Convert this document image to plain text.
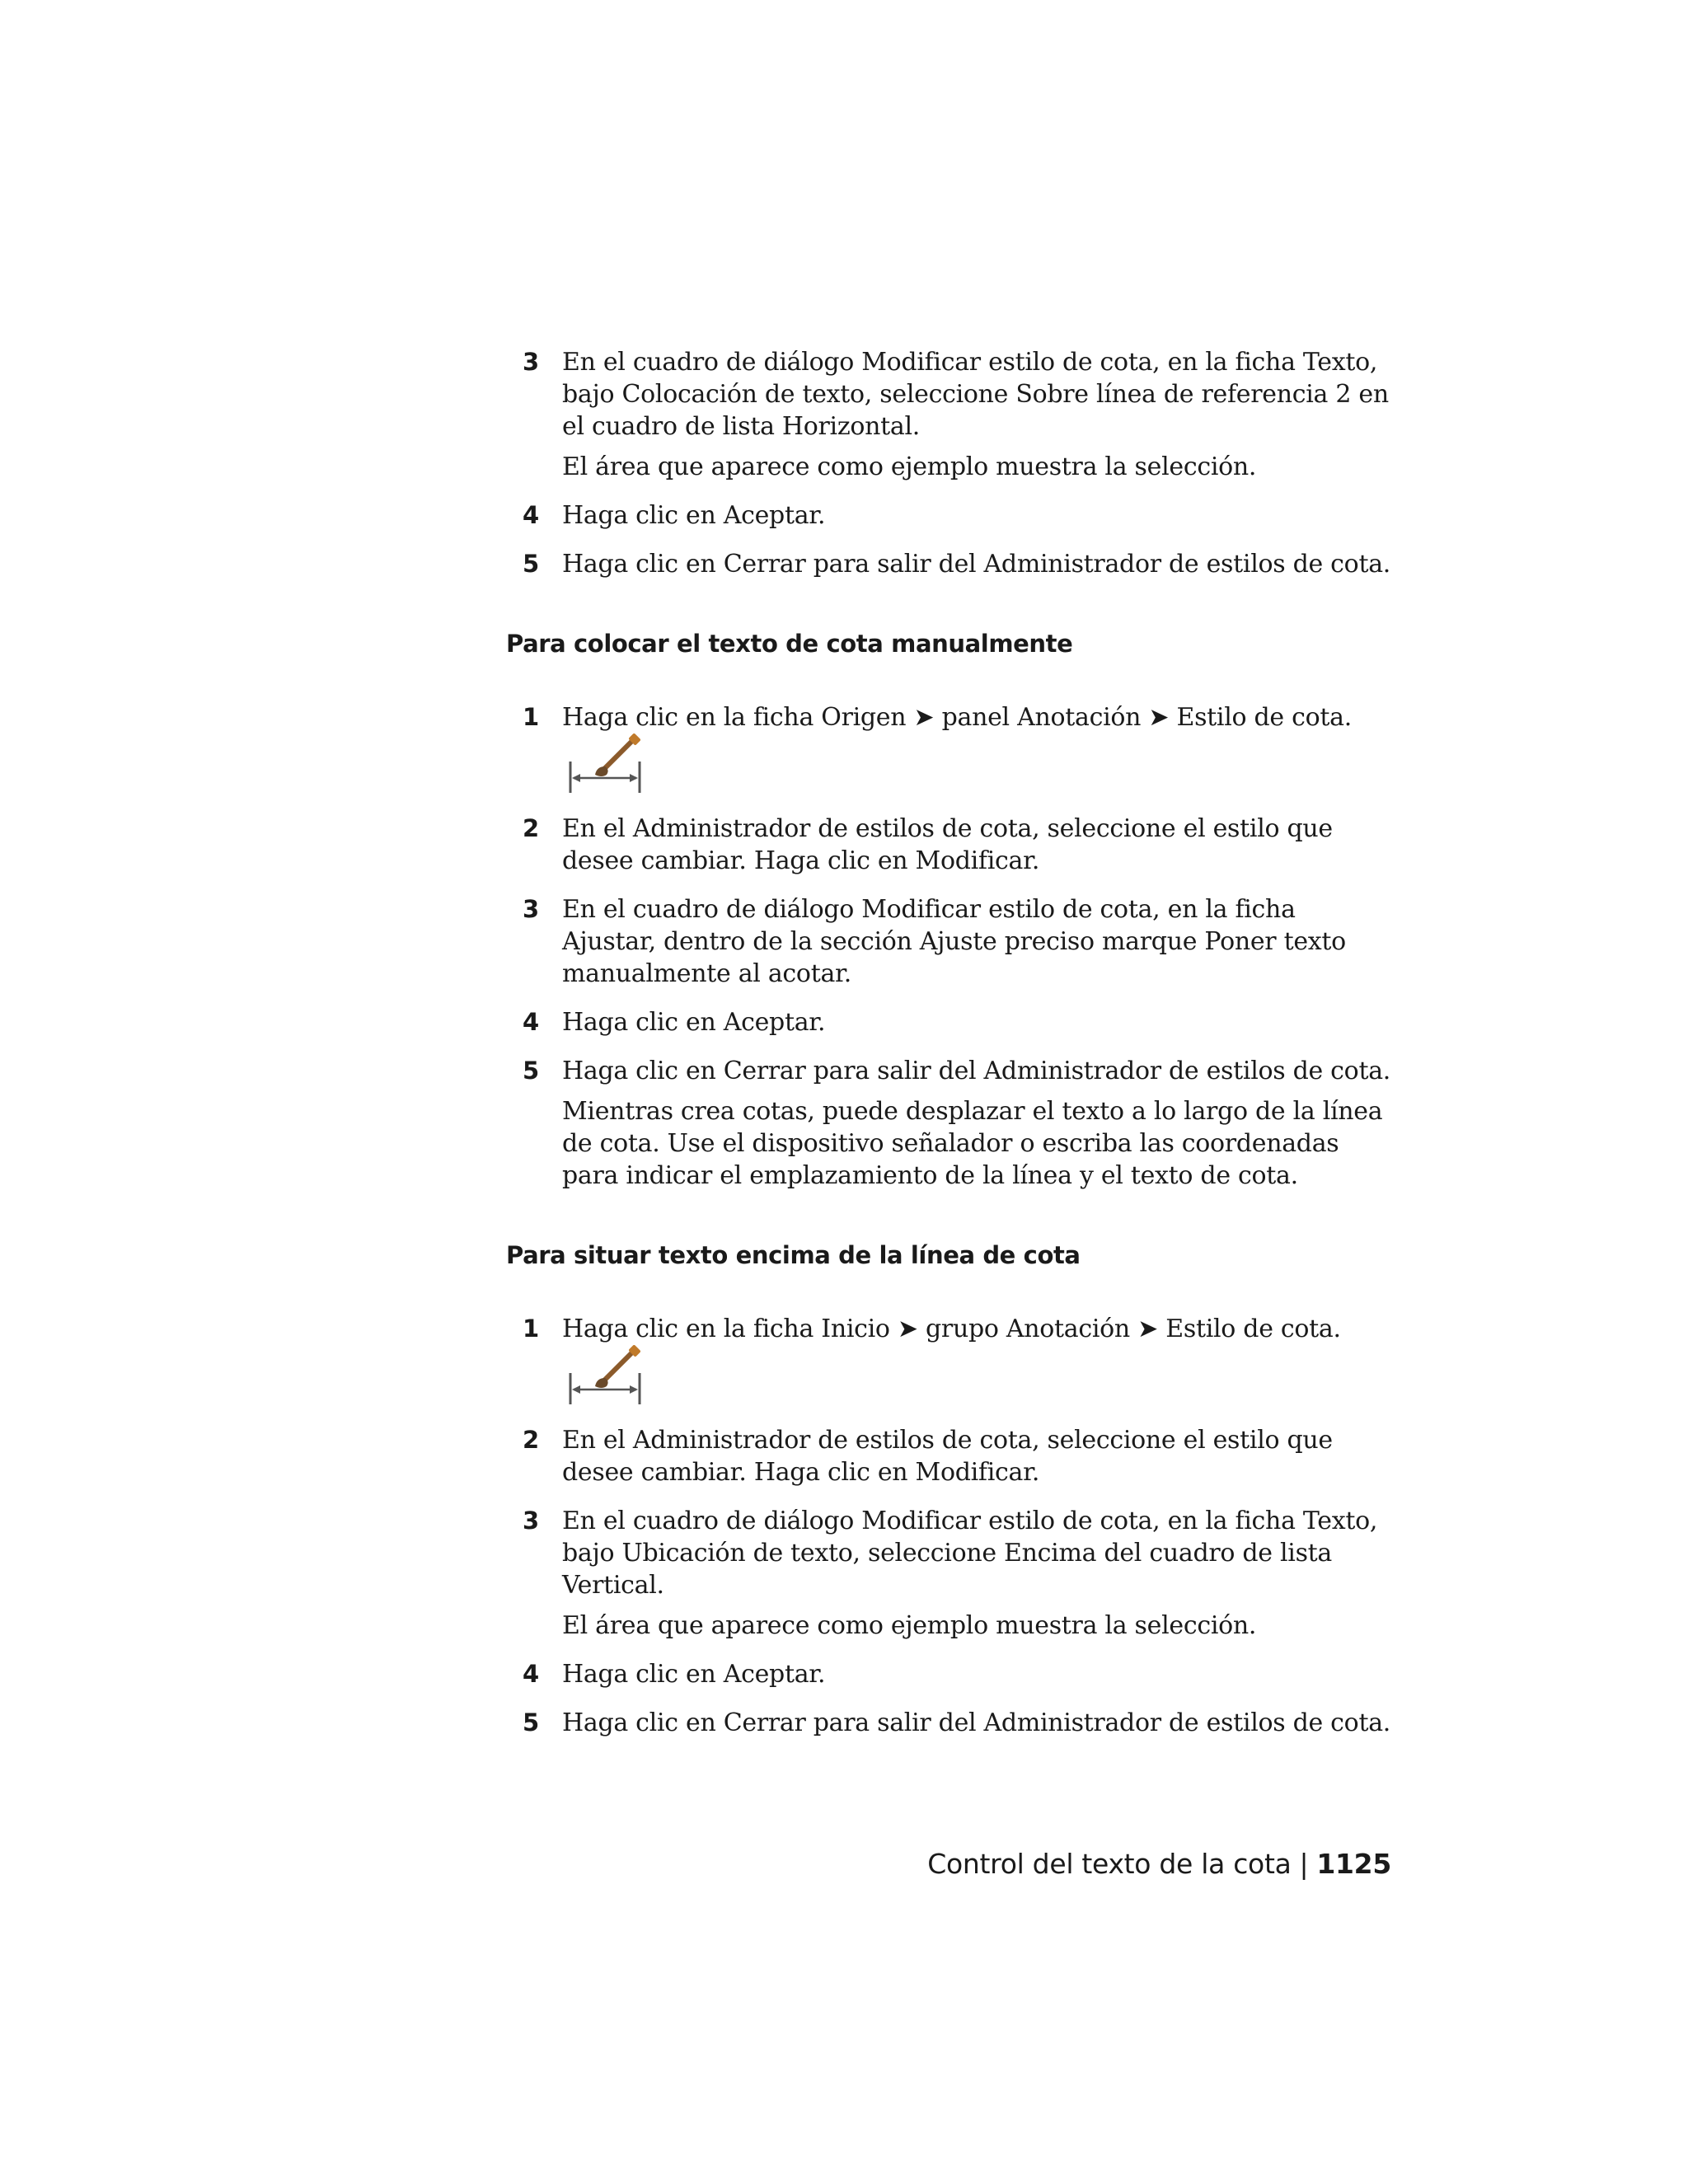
3 En el cuadro de diálogo Modificar estilo de cota, en la ficha Texto, bajo Colocación de texto, seleccione Sobre línea de referencia 2 en el cuadro de lista Horizontal.
El área que aparece como ejemplo muestra la selección.
4 Haga clic en Aceptar.
5 Haga clic en Cerrar para salir del Administrador de estilos de cota.
Para colocar el texto de cota manualmente
1 Haga clic en la ficha Origen ➤ panel Anotación ➤ Estilo de cota.
2 En el Administrador de estilos de cota, seleccione el estilo que desee cambiar. Haga clic en Modificar.
3 En el cuadro de diálogo Modificar estilo de cota, en la ficha Ajustar, dentro de la sección Ajuste preciso marque Poner texto manualmente al acotar.
4 Haga clic en Aceptar.
5 Haga clic en Cerrar para salir del Administrador de estilos de cota.
Mientras crea cotas, puede desplazar el texto a lo largo de la línea de cota. Use el dispositivo señalador o escriba las coordenadas para indicar el emplazamiento de la línea y el texto de cota.
Para situar texto encima de la línea de cota
1 Haga clic en la ficha Inicio ➤ grupo Anotación ➤ Estilo de cota.
2 En el Administrador de estilos de cota, seleccione el estilo que desee cambiar. Haga clic en Modificar.
3 En el cuadro de diálogo Modificar estilo de cota, en la ficha Texto, bajo Ubicación de texto, seleccione Encima del cuadro de lista Vertical.
El área que aparece como ejemplo muestra la selección.
4 Haga clic en Aceptar.
5 Haga clic en Cerrar para salir del Administrador de estilos de cota.
Control del texto de la cota | 1125
